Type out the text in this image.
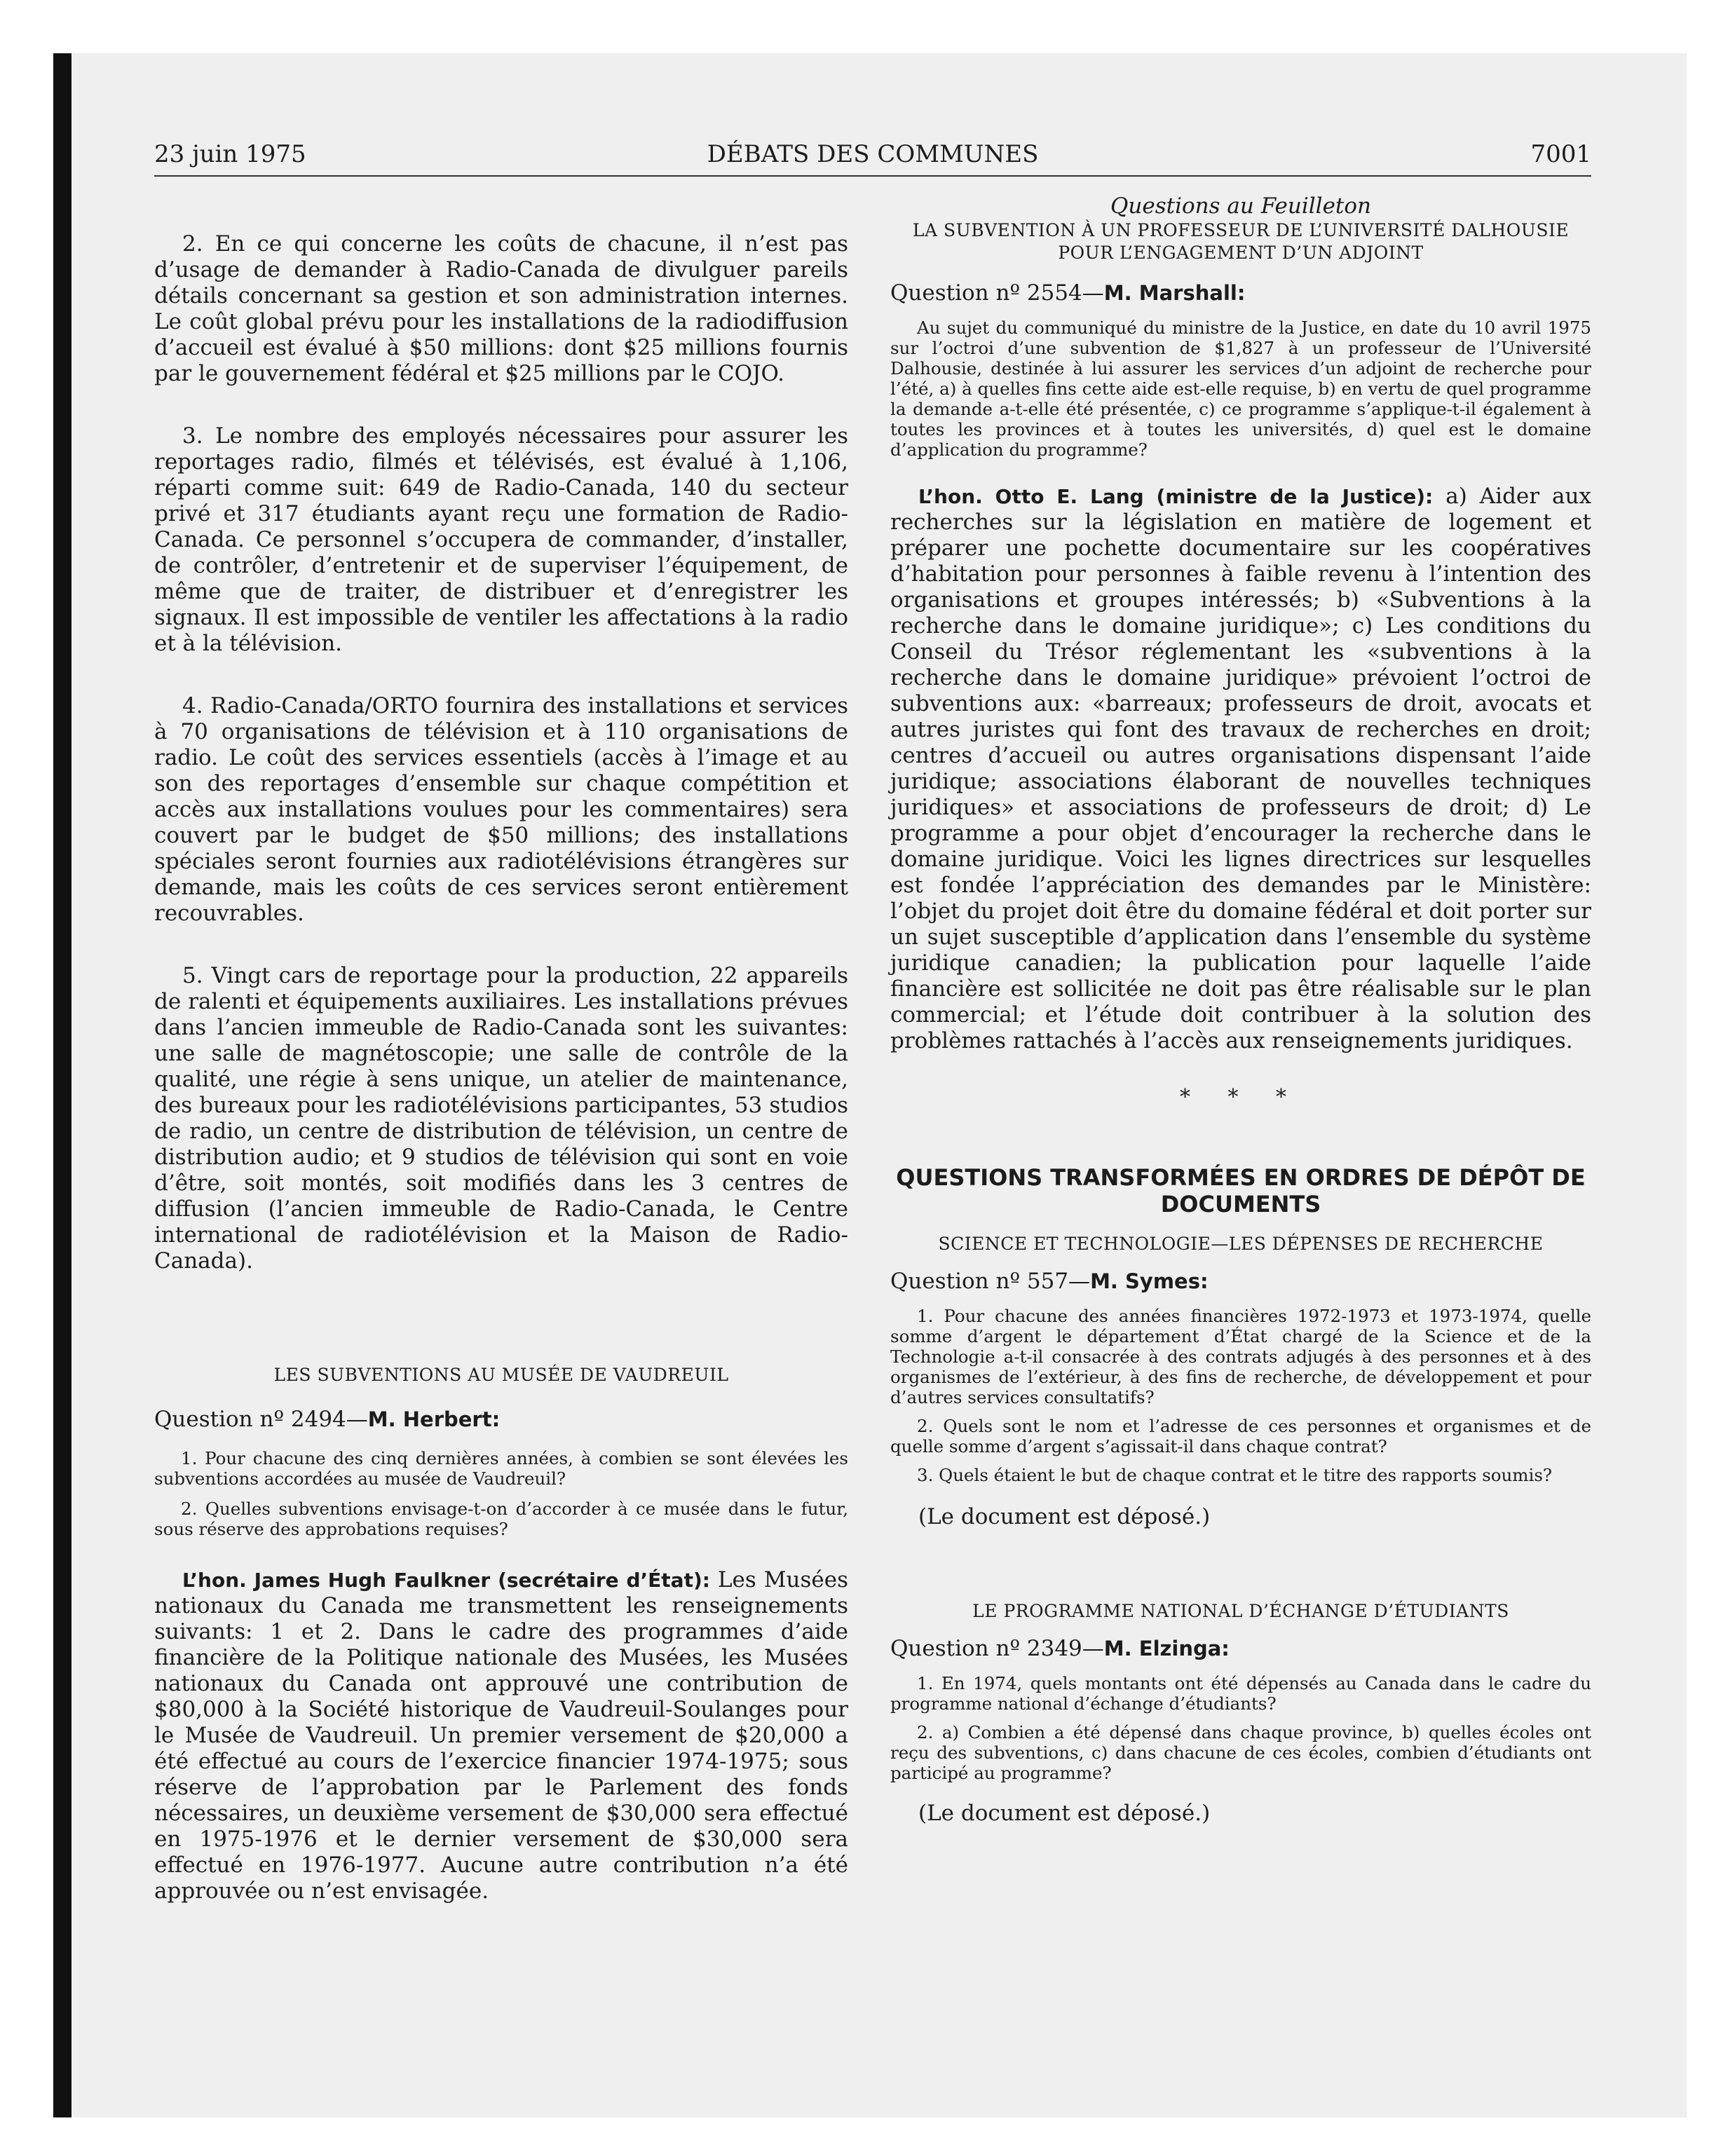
23 juin 1975	DÉBATS DES COMMUNES	7001

2. En ce qui concerne les coûts de chacune, il n’est pas d’usage de demander à Radio-Canada de divulguer pareils détails concernant sa gestion et son administration internes. Le coût global prévu pour les installations de la radiodiffusion d’accueil est évalué à $50 millions: dont $25 millions fournis par le gouvernement fédéral et $25 millions par le COJO.

3. Le nombre des employés nécessaires pour assurer les reportages radio, filmés et télévisés, est évalué à 1,106, réparti comme suit: 649 de Radio-Canada, 140 du secteur privé et 317 étudiants ayant reçu une formation de Radio-Canada. Ce personnel s’occupera de commander, d’installer, de contrôler, d’entretenir et de superviser l’équipement, de même que de traiter, de distribuer et d’enregistrer les signaux. Il est impossible de ventiler les affectations à la radio et à la télévision.

4. Radio-Canada/ORTO fournira des installations et services à 70 organisations de télévision et à 110 organisations de radio. Le coût des services essentiels (accès à l’image et au son des reportages d’ensemble sur chaque compétition et accès aux installations voulues pour les commentaires) sera couvert par le budget de $50 millions; des installations spéciales seront fournies aux radiotélévisions étrangères sur demande, mais les coûts de ces services seront entièrement recouvrables.

5. Vingt cars de reportage pour la production, 22 appareils de ralenti et équipements auxiliaires. Les installations prévues dans l’ancien immeuble de Radio-Canada sont les suivantes: une salle de magnétoscopie; une salle de contrôle de la qualité, une régie à sens unique, un atelier de maintenance, des bureaux pour les radiotélévisions participantes, 53 studios de radio, un centre de distribution de télévision, un centre de distribution audio; et 9 studios de télévision qui sont en voie d’être, soit montés, soit modifiés dans les 3 centres de diffusion (l’ancien immeuble de Radio-Canada, le Centre international de radiotélévision et la Maison de Radio-Canada).

LES SUBVENTIONS AU MUSÉE DE VAUDREUIL

Question nº 2494—M. Herbert:

1. Pour chacune des cinq dernières années, à combien se sont élevées les subventions accordées au musée de Vaudreuil?

2. Quelles subventions envisage-t-on d’accorder à ce musée dans le futur, sous réserve des approbations requises?

L’hon. James Hugh Faulkner (secrétaire d’État): Les Musées nationaux du Canada me transmettent les renseignements suivants: 1 et 2. Dans le cadre des programmes d’aide financière de la Politique nationale des Musées, les Musées nationaux du Canada ont approuvé une contribution de $80,000 à la Société historique de Vaudreuil-Soulanges pour le Musée de Vaudreuil. Un premier versement de $20,000 a été effectué au cours de l’exercice financier 1974-1975; sous réserve de l’approbation par le Parlement des fonds nécessaires, un deuxième versement de $30,000 sera effectué en 1975-1976 et le dernier versement de $30,000 sera effectué en 1976-1977. Aucune autre contribution n’a été approuvée ou n’est envisagée.

Questions au Feuilleton

LA SUBVENTION À UN PROFESSEUR DE L’UNIVERSITÉ DALHOUSIE POUR L’ENGAGEMENT D’UN ADJOINT

Question nº 2554—M. Marshall:

Au sujet du communiqué du ministre de la Justice, en date du 10 avril 1975 sur l’octroi d’une subvention de $1,827 à un professeur de l’Université Dalhousie, destinée à lui assurer les services d’un adjoint de recherche pour l’été, a) à quelles fins cette aide est-elle requise, b) en vertu de quel programme la demande a-t-elle été présentée, c) ce programme s’applique-t-il également à toutes les provinces et à toutes les universités, d) quel est le domaine d’application du programme?

L’hon. Otto E. Lang (ministre de la Justice): a) Aider aux recherches sur la législation en matière de logement et préparer une pochette documentaire sur les coopératives d’habitation pour personnes à faible revenu à l’intention des organisations et groupes intéressés; b) «Subventions à la recherche dans le domaine juridique»; c) Les conditions du Conseil du Trésor réglementant les «subventions à la recherche dans le domaine juridique» prévoient l’octroi de subventions aux: «barreaux; professeurs de droit, avocats et autres juristes qui font des travaux de recherches en droit; centres d’accueil ou autres organisations dispensant l’aide juridique; associations élaborant de nouvelles techniques juridiques» et associations de professeurs de droit; d) Le programme a pour objet d’encourager la recherche dans le domaine juridique. Voici les lignes directrices sur lesquelles est fondée l’appréciation des demandes par le Ministère: l’objet du projet doit être du domaine fédéral et doit porter sur un sujet susceptible d’application dans l’ensemble du système juridique canadien; la publication pour laquelle l’aide financière est sollicitée ne doit pas être réalisable sur le plan commercial; et l’étude doit contribuer à la solution des problèmes rattachés à l’accès aux renseignements juridiques.

* * *

QUESTIONS TRANSFORMÉES EN ORDRES DE DÉPÔT DE DOCUMENTS

SCIENCE ET TECHNOLOGIE—LES DÉPENSES DE RECHERCHE

Question nº 557—M. Symes:

1. Pour chacune des années financières 1972-1973 et 1973-1974, quelle somme d’argent le département d’État chargé de la Science et de la Technologie a-t-il consacrée à des contrats adjugés à des personnes et à des organismes de l’extérieur, à des fins de recherche, de développement et pour d’autres services consultatifs?

2. Quels sont le nom et l’adresse de ces personnes et organismes et de quelle somme d’argent s’agissait-il dans chaque contrat?

3. Quels étaient le but de chaque contrat et le titre des rapports soumis?

(Le document est déposé.)

LE PROGRAMME NATIONAL D’ÉCHANGE D’ÉTUDIANTS

Question nº 2349—M. Elzinga:

1. En 1974, quels montants ont été dépensés au Canada dans le cadre du programme national d’échange d’étudiants?

2. a) Combien a été dépensé dans chaque province, b) quelles écoles ont reçu des subventions, c) dans chacune de ces écoles, combien d’étudiants ont participé au programme?

(Le document est déposé.)
